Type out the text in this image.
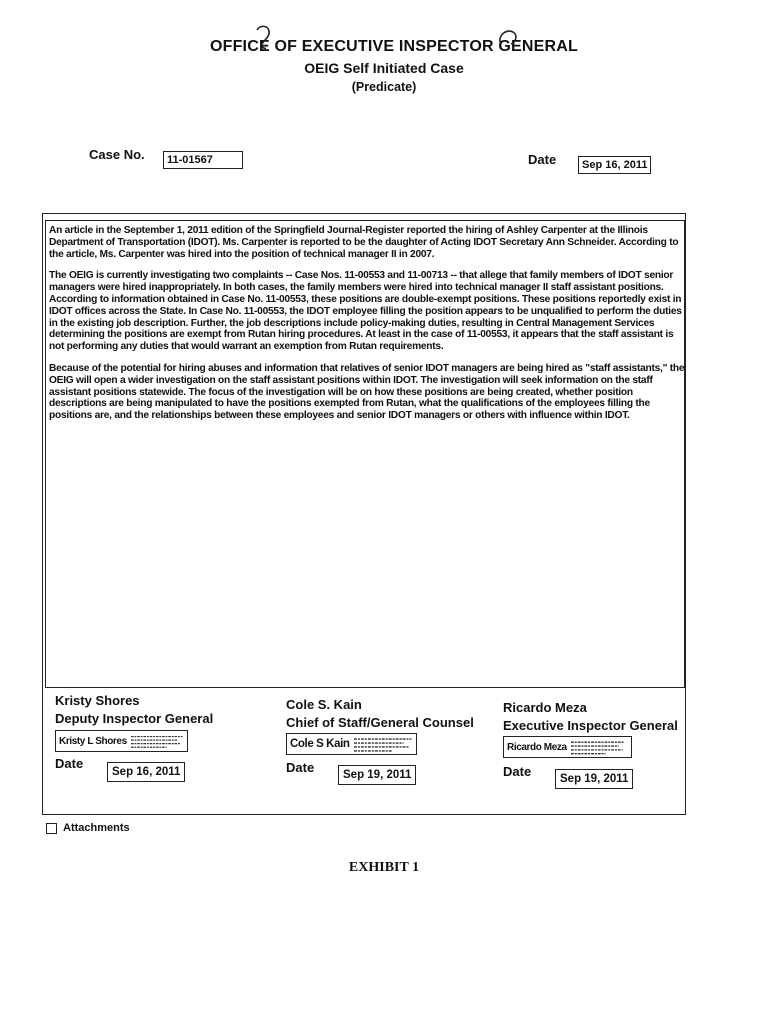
OFFICE OF EXECUTIVE INSPECTOR GENERAL
OEIG Self Initiated Case
(Predicate)
Case No.	11-01567	Date	Sep 16, 2011

An article in the September 1, 2011 edition of the Springfield Journal-Register reported the hiring of Ashley Carpenter at the Illinois Department of Transportation (IDOT). Ms. Carpenter is reported to be the daughter of Acting IDOT Secretary Ann Schneider. According to the article, Ms. Carpenter was hired into the position of technical manager II in 2007.

The OEIG is currently investigating two complaints -- Case Nos. 11-00553 and 11-00713 -- that allege that family members of IDOT senior managers were hired inappropriately. In both cases, the family members were hired into technical manager II staff assistant positions. According to information obtained in Case No. 11-00553, these positions are double-exempt positions. These positions reportedly exist in IDOT offices across the State. In Case No. 11-00553, the IDOT employee filling the position appears to be unqualified to perform the duties in the existing job description. Further, the job descriptions include policy-making duties, resulting in Central Management Services determining the positions are exempt from Rutan hiring procedures. At least in the case of 11-00553, it appears that the staff assistant is not performing any duties that would warrant an exemption from Rutan requirements.

Because of the potential for hiring abuses and information that relatives of senior IDOT managers are being hired as "staff assistants," the OEIG will open a wider investigation on the staff assistant positions within IDOT. The investigation will seek information on the staff assistant positions statewide. The focus of the investigation will be on how these positions are being created, whether position descriptions are being manipulated to have the positions exempted from Rutan, what the qualifications of the employees filling the positions are, and the relationships between these employees and senior IDOT managers or others with influence within IDOT.

Kristy Shores
Deputy Inspector General
Kristy L Shores
Date
Sep 16, 2011
Cole S. Kain
Chief of Staff/General Counsel
Cole S Kain
Date	Sep 19, 2011
Ricardo Meza
Executive Inspector General
Ricardo Meza
Date	Sep 19, 2011
Attachments
EXHIBIT 1
